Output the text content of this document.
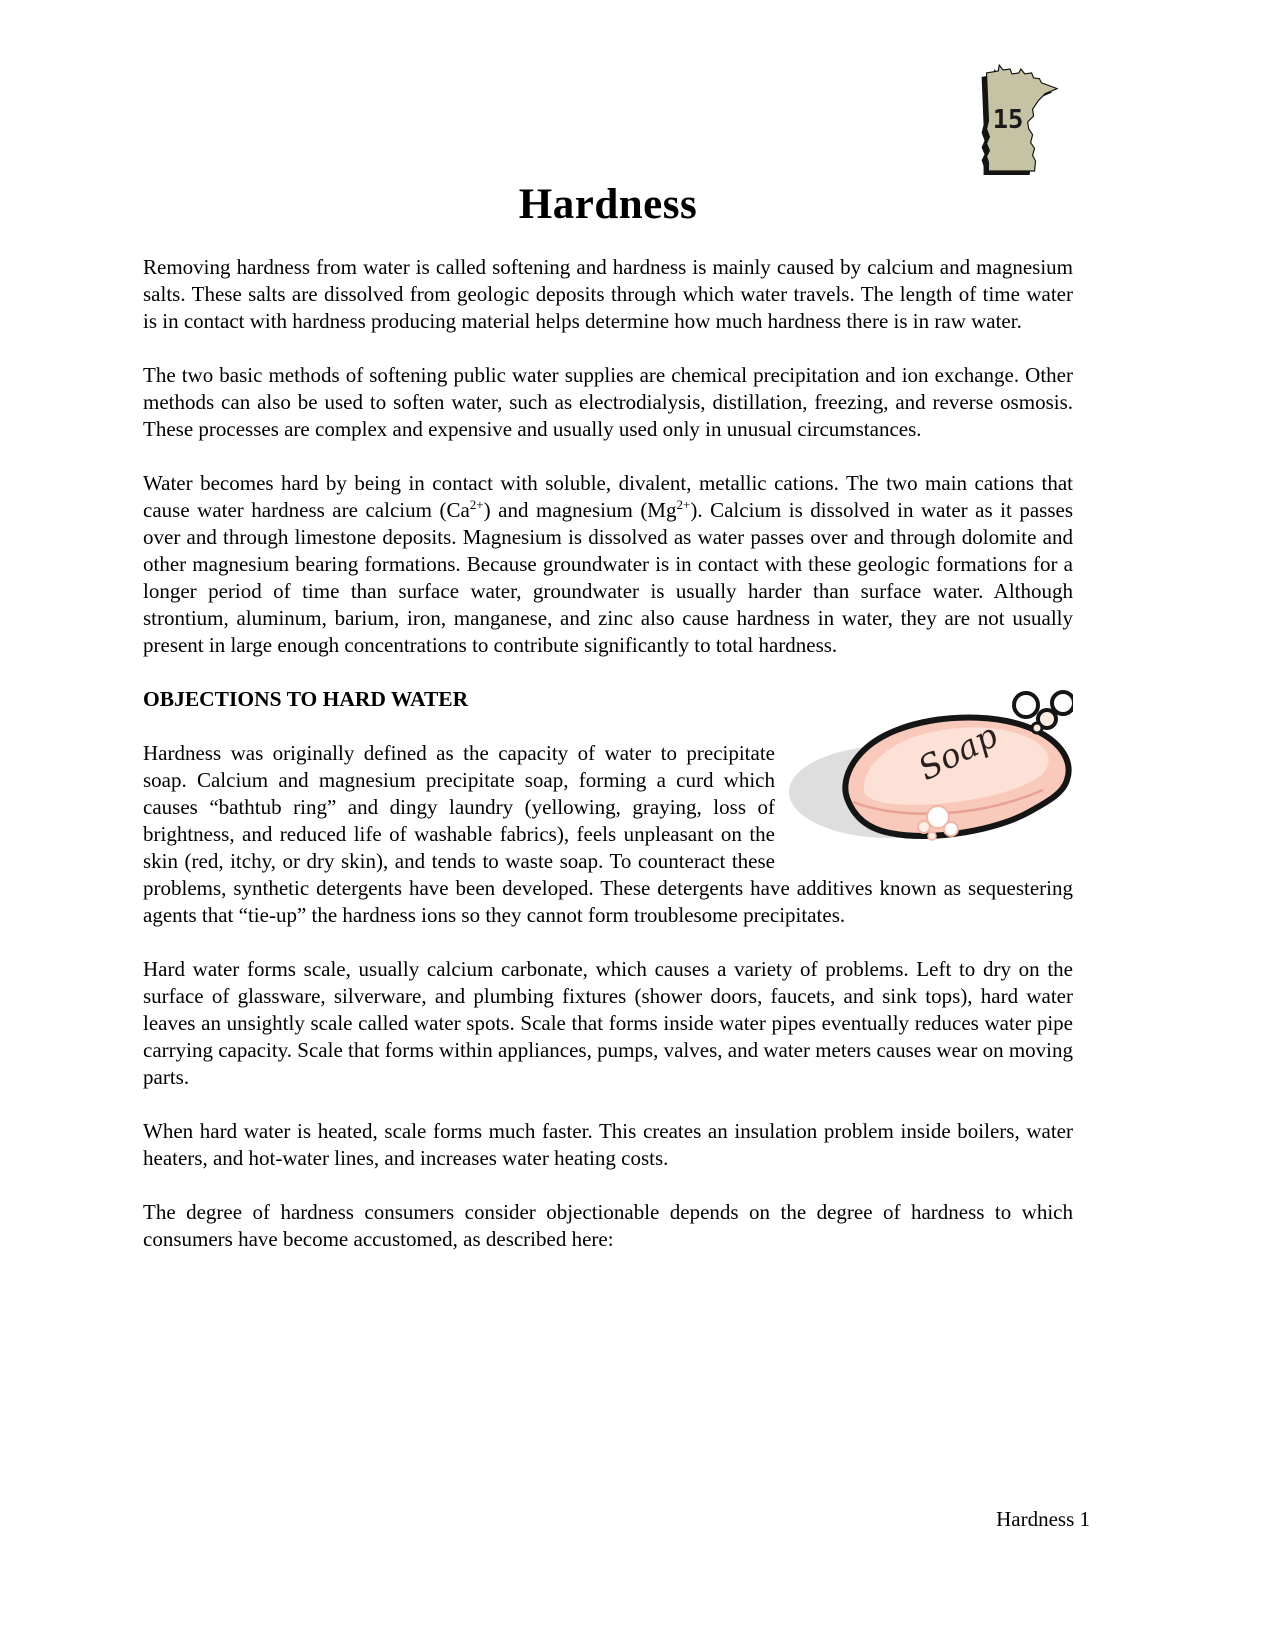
15
Hardness

Removing hardness from water is called softening and hardness is mainly caused by calcium and magnesium salts. These salts are dissolved from geologic deposits through which water travels. The length of time water is in contact with hardness producing material helps determine how much hardness there is in raw water.

The two basic methods of softening public water supplies are chemical precipitation and ion exchange. Other methods can also be used to soften water, such as electrodialysis, distillation, freezing, and reverse osmosis. These processes are complex and expensive and usually used only in unusual circumstances.

Water becomes hard by being in contact with soluble, divalent, metallic cations. The two main cations that cause water hardness are calcium $(Ca^{2+})$ and magnesium $(Mg^{2+})$. Calcium is dissolved in water as it passes over and through limestone deposits. Magnesium is dissolved as water passes over and through dolomite and other magnesium bearing formations. Because groundwater is in contact with these geologic formations for a longer period of time than surface water, groundwater is usually harder than surface water. Although strontium, aluminum, barium, iron, manganese, and zinc also cause hardness in water, they are not usually present in large enough concentrations to contribute significantly to total hardness.

Soap
OBJECTIONS TO HARD WATER

Hardness was originally defined as the capacity of water to precipitate soap. Calcium and magnesium precipitate soap, forming a curd which causes “bathtub ring” and dingy laundry (yellowing, graying, loss of brightness, and reduced life of washable fabrics), feels unpleasant on the skin (red, itchy, or dry skin), and tends to waste soap. To counteract these problems, synthetic detergents have been developed. These detergents have additives known as sequestering agents that “tie-up” the hardness ions so they cannot form troublesome precipitates.

Hard water forms scale, usually calcium carbonate, which causes a variety of problems. Left to dry on the surface of glassware, silverware, and plumbing fixtures (shower doors, faucets, and sink tops), hard water leaves an unsightly scale called water spots. Scale that forms inside water pipes eventually reduces water pipe carrying capacity. Scale that forms within appliances, pumps, valves, and water meters causes wear on moving parts.

When hard water is heated, scale forms much faster. This creates an insulation problem inside boilers, water heaters, and hot-water lines, and increases water heating costs.

The degree of hardness consumers consider objectionable depends on the degree of hardness to which consumers have become accustomed, as described here:

Hardness 1
